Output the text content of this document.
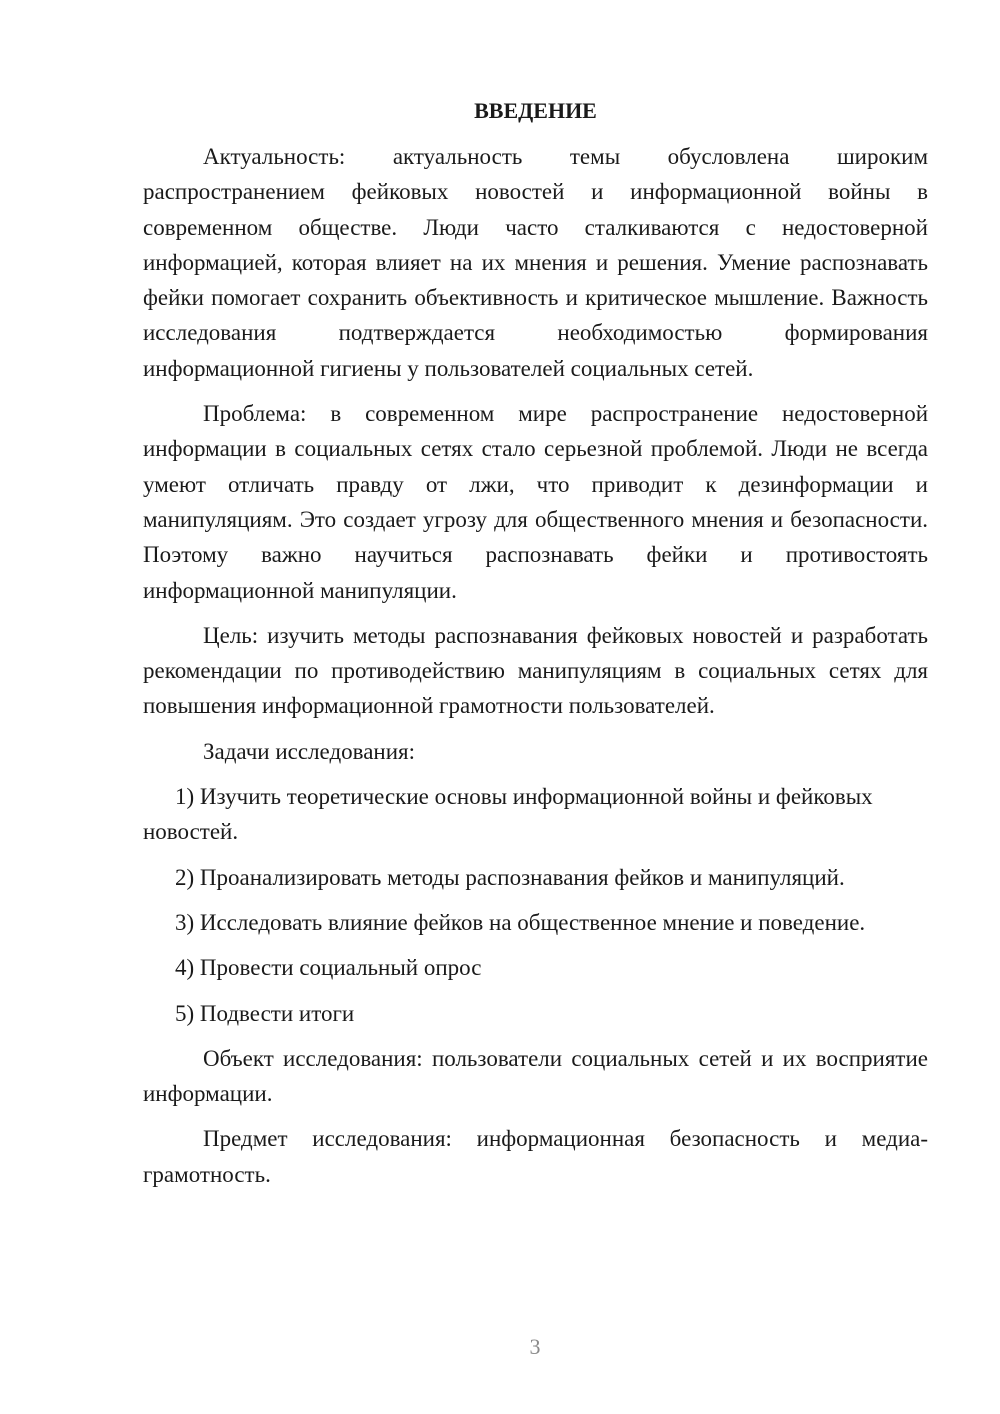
ВВЕДЕНИЕ

Актуальность: актуальность темы обусловлена широким распространением фейковых новостей и информационной войны в современном обществе. Люди часто сталкиваются с недостоверной информацией, которая влияет на их мнения и решения. Умение распознавать фейки помогает сохранить объективность и критическое мышление. Важность исследования подтверждается необходимостью формирования информационной гигиены у пользователей социальных сетей.

Проблема: в современном мире распространение недостоверной информации в социальных сетях стало серьезной проблемой. Люди не всегда умеют отличать правду от лжи, что приводит к дезинформации и манипуляциям. Это создает угрозу для общественного мнения и безопасности. Поэтому важно научиться распознавать фейки и противостоять информационной манипуляции.

Цель: изучить методы распознавания фейковых новостей и разработать рекомендации по противодействию манипуляциям в социальных сетях для повышения информационной грамотности пользователей.

Задачи исследования:

1) Изучить теоретические основы информационной войны и фейковых новостей.

2) Проанализировать методы распознавания фейков и манипуляций.

3) Исследовать влияние фейков на общественное мнение и поведение.

4) Провести социальный опрос

5) Подвести итоги

Объект исследования: пользователи социальных сетей и их восприятие информации.

Предмет исследования: информационная безопасность и медиа-грамотность.

3
